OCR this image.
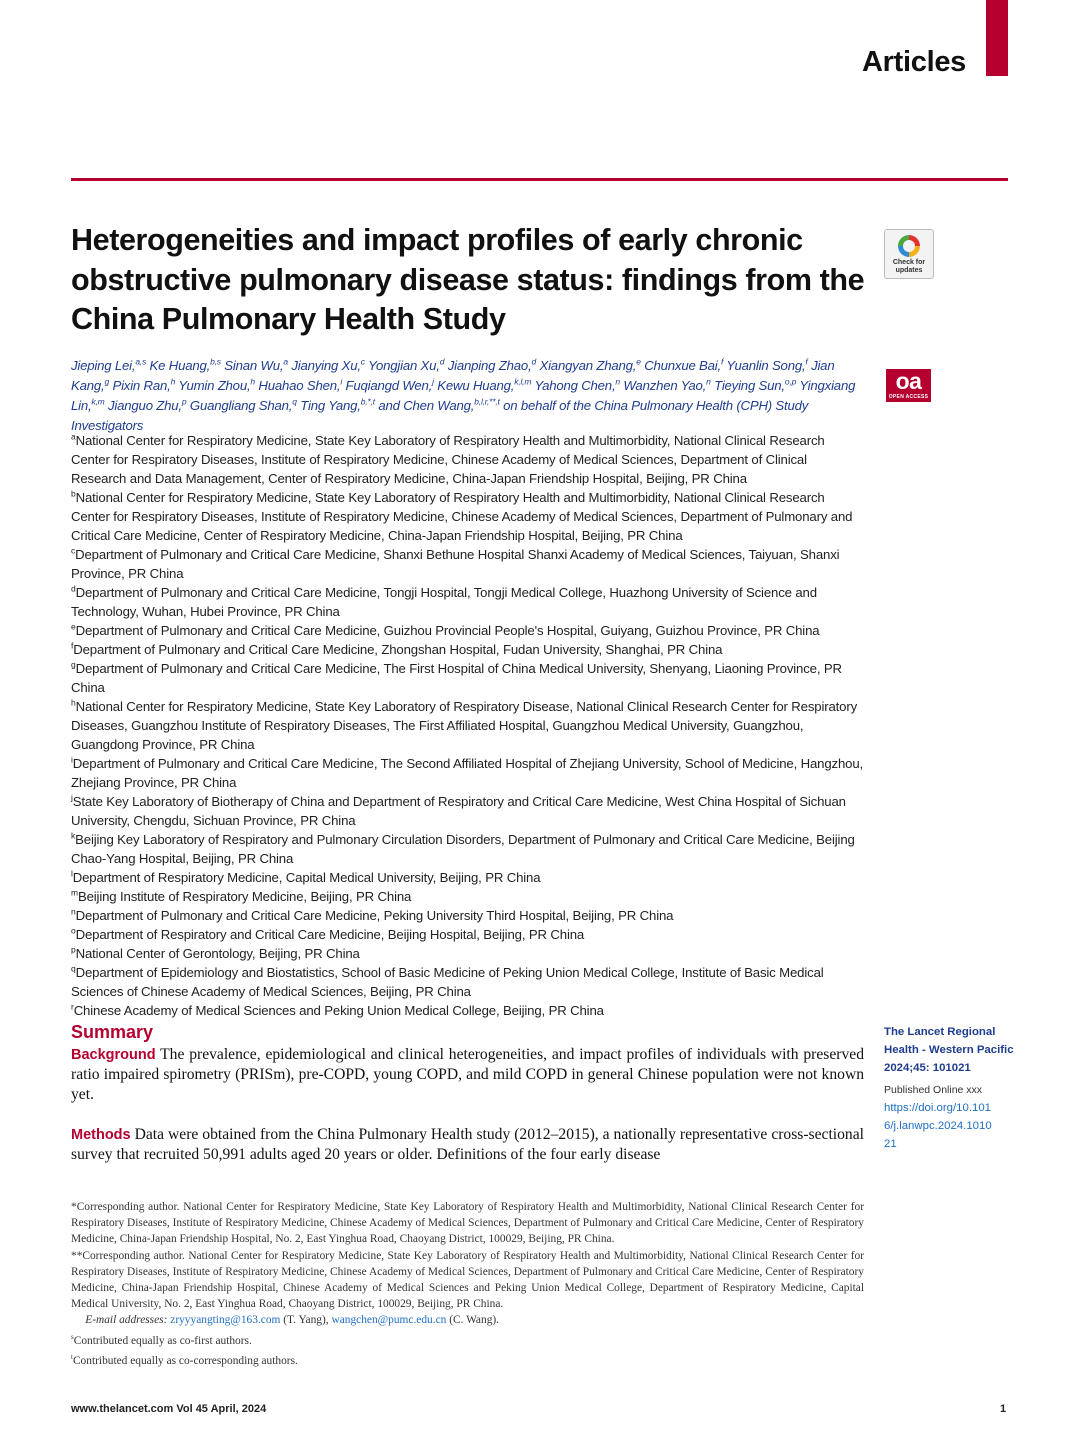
Articles
Heterogeneities and impact profiles of early chronic obstructive pulmonary disease status: findings from the China Pulmonary Health Study
Check for updates
oa
OPEN ACCESS
Jieping Lei,$^{a,s}$ Ke Huang,$^{b,s}$ Sinan Wu,$^a$ Jianying Xu,$^c$ Yongjian Xu,$^d$ Jianping Zhao,$^d$ Xiangyan Zhang,$^e$ Chunxue Bai,$^f$ Yuanlin Song,$^f$ Jian Kang,$^g$ Pixin Ran,$^h$ Yumin Zhou,$^h$ Huahao Shen,$^i$ Fuqiangd Wen,$^j$ Kewu Huang,$^{k,l,m}$ Yahong Chen,$^n$ Wanzhen Yao,$^n$ Tieying Sun,$^{o,p}$ Yingxiang Lin,$^{k,m}$ Jianguo Zhu,$^p$ Guangliang Shan,$^q$ Ting Yang,$^{b,*,t}$ and Chen Wang,$^{b,l,r,**,t}$ on behalf of the China Pulmonary Health (CPH) Study Investigators

$^a$National Center for Respiratory Medicine, State Key Laboratory of Respiratory Health and Multimorbidity, National Clinical Research Center for Respiratory Diseases, Institute of Respiratory Medicine, Chinese Academy of Medical Sciences, Department of Clinical Research and Data Management, Center of Respiratory Medicine, China-Japan Friendship Hospital, Beijing, PR China

$^b$National Center for Respiratory Medicine, State Key Laboratory of Respiratory Health and Multimorbidity, National Clinical Research Center for Respiratory Diseases, Institute of Respiratory Medicine, Chinese Academy of Medical Sciences, Department of Pulmonary and Critical Care Medicine, Center of Respiratory Medicine, China-Japan Friendship Hospital, Beijing, PR China

$^c$Department of Pulmonary and Critical Care Medicine, Shanxi Bethune Hospital Shanxi Academy of Medical Sciences, Taiyuan, Shanxi Province, PR China

$^d$Department of Pulmonary and Critical Care Medicine, Tongji Hospital, Tongji Medical College, Huazhong University of Science and Technology, Wuhan, Hubei Province, PR China

$^e$Department of Pulmonary and Critical Care Medicine, Guizhou Provincial People's Hospital, Guiyang, Guizhou Province, PR China

$^f$Department of Pulmonary and Critical Care Medicine, Zhongshan Hospital, Fudan University, Shanghai, PR China

$^g$Department of Pulmonary and Critical Care Medicine, The First Hospital of China Medical University, Shenyang, Liaoning Province, PR China

$^h$National Center for Respiratory Medicine, State Key Laboratory of Respiratory Disease, National Clinical Research Center for Respiratory Diseases, Guangzhou Institute of Respiratory Diseases, The First Affiliated Hospital, Guangzhou Medical University, Guangzhou, Guangdong Province, PR China

$^i$Department of Pulmonary and Critical Care Medicine, The Second Affiliated Hospital of Zhejiang University, School of Medicine, Hangzhou, Zhejiang Province, PR China

$^j$State Key Laboratory of Biotherapy of China and Department of Respiratory and Critical Care Medicine, West China Hospital of Sichuan University, Chengdu, Sichuan Province, PR China

$^k$Beijing Key Laboratory of Respiratory and Pulmonary Circulation Disorders, Department of Pulmonary and Critical Care Medicine, Beijing Chao-Yang Hospital, Beijing, PR China

$^l$Department of Respiratory Medicine, Capital Medical University, Beijing, PR China

$^m$Beijing Institute of Respiratory Medicine, Beijing, PR China

$^n$Department of Pulmonary and Critical Care Medicine, Peking University Third Hospital, Beijing, PR China

$^o$Department of Respiratory and Critical Care Medicine, Beijing Hospital, Beijing, PR China

$^p$National Center of Gerontology, Beijing, PR China

$^q$Department of Epidemiology and Biostatistics, School of Basic Medicine of Peking Union Medical College, Institute of Basic Medical Sciences of Chinese Academy of Medical Sciences, Beijing, PR China

$^r$Chinese Academy of Medical Sciences and Peking Union Medical College, Beijing, PR China

Summary
Background The prevalence, epidemiological and clinical heterogeneities, and impact profiles of individuals with preserved ratio impaired spirometry (PRISm), pre-COPD, young COPD, and mild COPD in general Chinese population were not known yet.
Methods Data were obtained from the China Pulmonary Health study (2012–2015), a nationally representative cross-sectional survey that recruited 50,991 adults aged 20 years or older. Definitions of the four early disease
The Lancet Regional Health - Western Pacific
2024;45: 101021
Published Online xxx
https://doi.org/10.1016/j.lanwpc.2024.101021

*Corresponding author. National Center for Respiratory Medicine, State Key Laboratory of Respiratory Health and Multimorbidity, National Clinical Research Center for Respiratory Diseases, Institute of Respiratory Medicine, Chinese Academy of Medical Sciences, Department of Pulmonary and Critical Care Medicine, Center of Respiratory Medicine, China-Japan Friendship Hospital, No. 2, East Yinghua Road, Chaoyang District, 100029, Beijing, PR China.

**Corresponding author. National Center for Respiratory Medicine, State Key Laboratory of Respiratory Health and Multimorbidity, National Clinical Research Center for Respiratory Diseases, Institute of Respiratory Medicine, Chinese Academy of Medical Sciences, Department of Pulmonary and Critical Care Medicine, Center of Respiratory Medicine, China-Japan Friendship Hospital, Chinese Academy of Medical Sciences and Peking Union Medical College, Department of Respiratory Medicine, Capital Medical University, No. 2, East Yinghua Road, Chaoyang District, 100029, Beijing, PR China.

E-mail addresses: zryyyangting@163.com (T. Yang), wangchen@pumc.edu.cn (C. Wang).

$^s$Contributed equally as co-first authors.

$^t$Contributed equally as co-corresponding authors.

www.thelancet.com Vol 45 April, 2024	1
